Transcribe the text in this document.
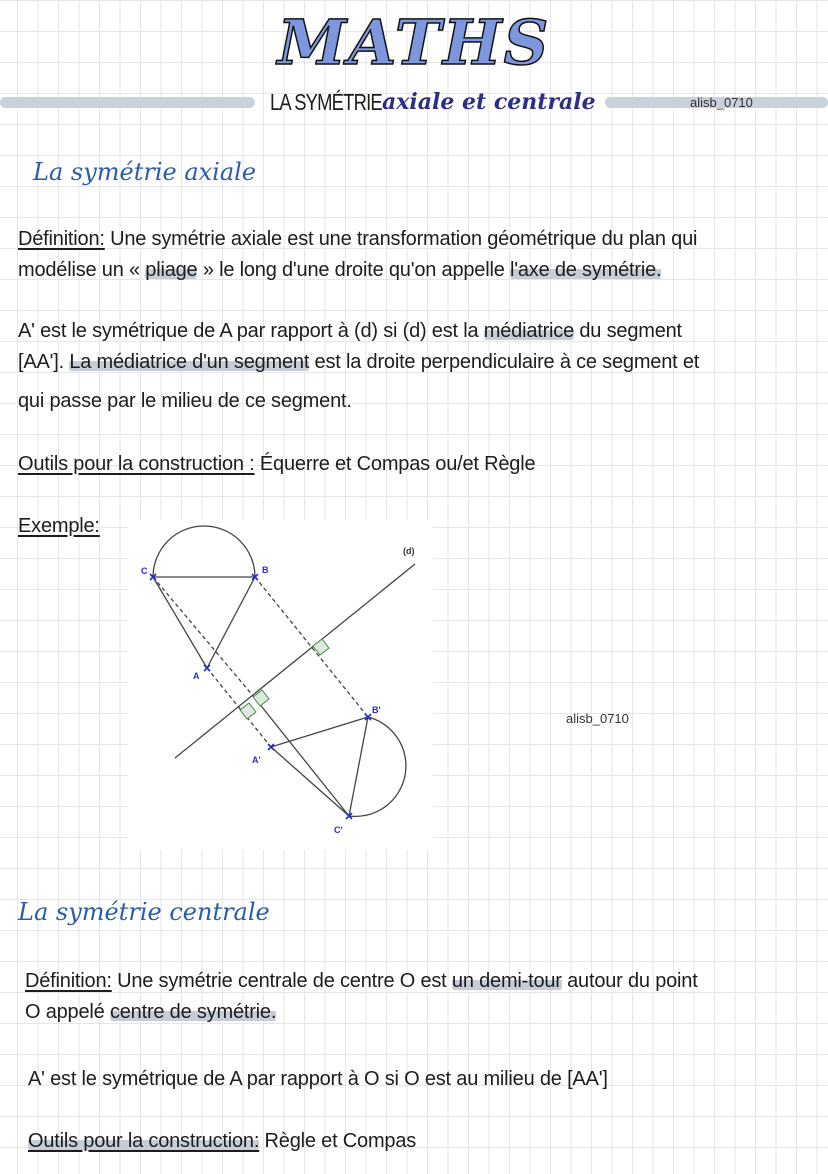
MATHS
LA SYMÉTRIE axiale et centrale	alisb_0710
La symétrie axiale
Définition: Une symétrie axiale est une transformation géométrique du plan qui
modélise un « pliage » le long d'une droite qu'on appelle l'axe de symétrie.
A' est le symétrique de A par rapport à (d) si (d) est la médiatrice du segment
[AA']. La médiatrice d'un segment est la droite perpendiculaire à ce segment et
qui passe par le milieu de ce segment.
Outils pour la construction : Équerre et Compas ou/et Règle
Exemple:
C	B
A
A'
B'
C'
(d)
alisb_0710
La symétrie centrale
Définition: Une symétrie centrale de centre O est un demi-tour autour du point
O appelé centre de symétrie.
A' est le symétrique de A par rapport à O si O est au milieu de [AA']
Outils pour la construction: Règle et Compas
